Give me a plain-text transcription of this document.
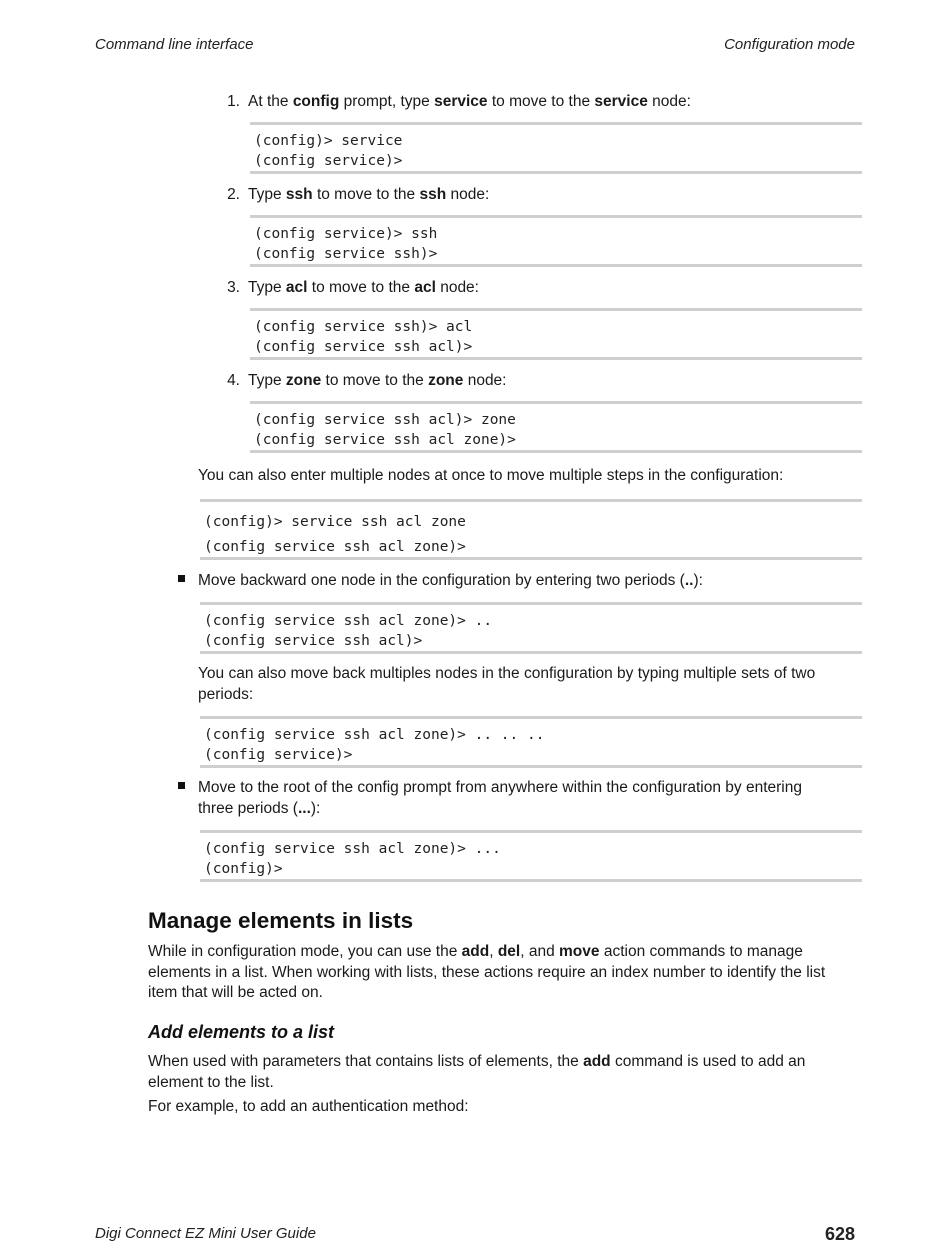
Command line interface	Configuration mode
1. At the config prompt, type service to move to the service node:
(config)> service
(config service)>
2. Type ssh to move to the ssh node:
(config service)> ssh
(config service ssh)>
3. Type acl to move to the acl node:
(config service ssh)> acl
(config service ssh acl)>
4. Type zone to move to the zone node:
(config service ssh acl)> zone
(config service ssh acl zone)>
You can also enter multiple nodes at once to move multiple steps in the configuration:
(config)> service ssh acl zone
(config service ssh acl zone)>
Move backward one node in the configuration by entering two periods (..):
(config service ssh acl zone)> ..
(config service ssh acl)>
You can also move back multiples nodes in the configuration by typing multiple sets of two
periods:
(config service ssh acl zone)> .. .. ..
(config service)>
Move to the root of the config prompt from anywhere within the configuration by entering
three periods (...):
(config service ssh acl zone)> ...
(config)>
Manage elements in lists
While in configuration mode, you can use the add, del, and move action commands to manage
elements in a list. When working with lists, these actions require an index number to identify the list
item that will be acted on.
Add elements to a list
When used with parameters that contains lists of elements, the add command is used to add an
element to the list.
For example, to add an authentication method:
Digi Connect EZ Mini User Guide	628
